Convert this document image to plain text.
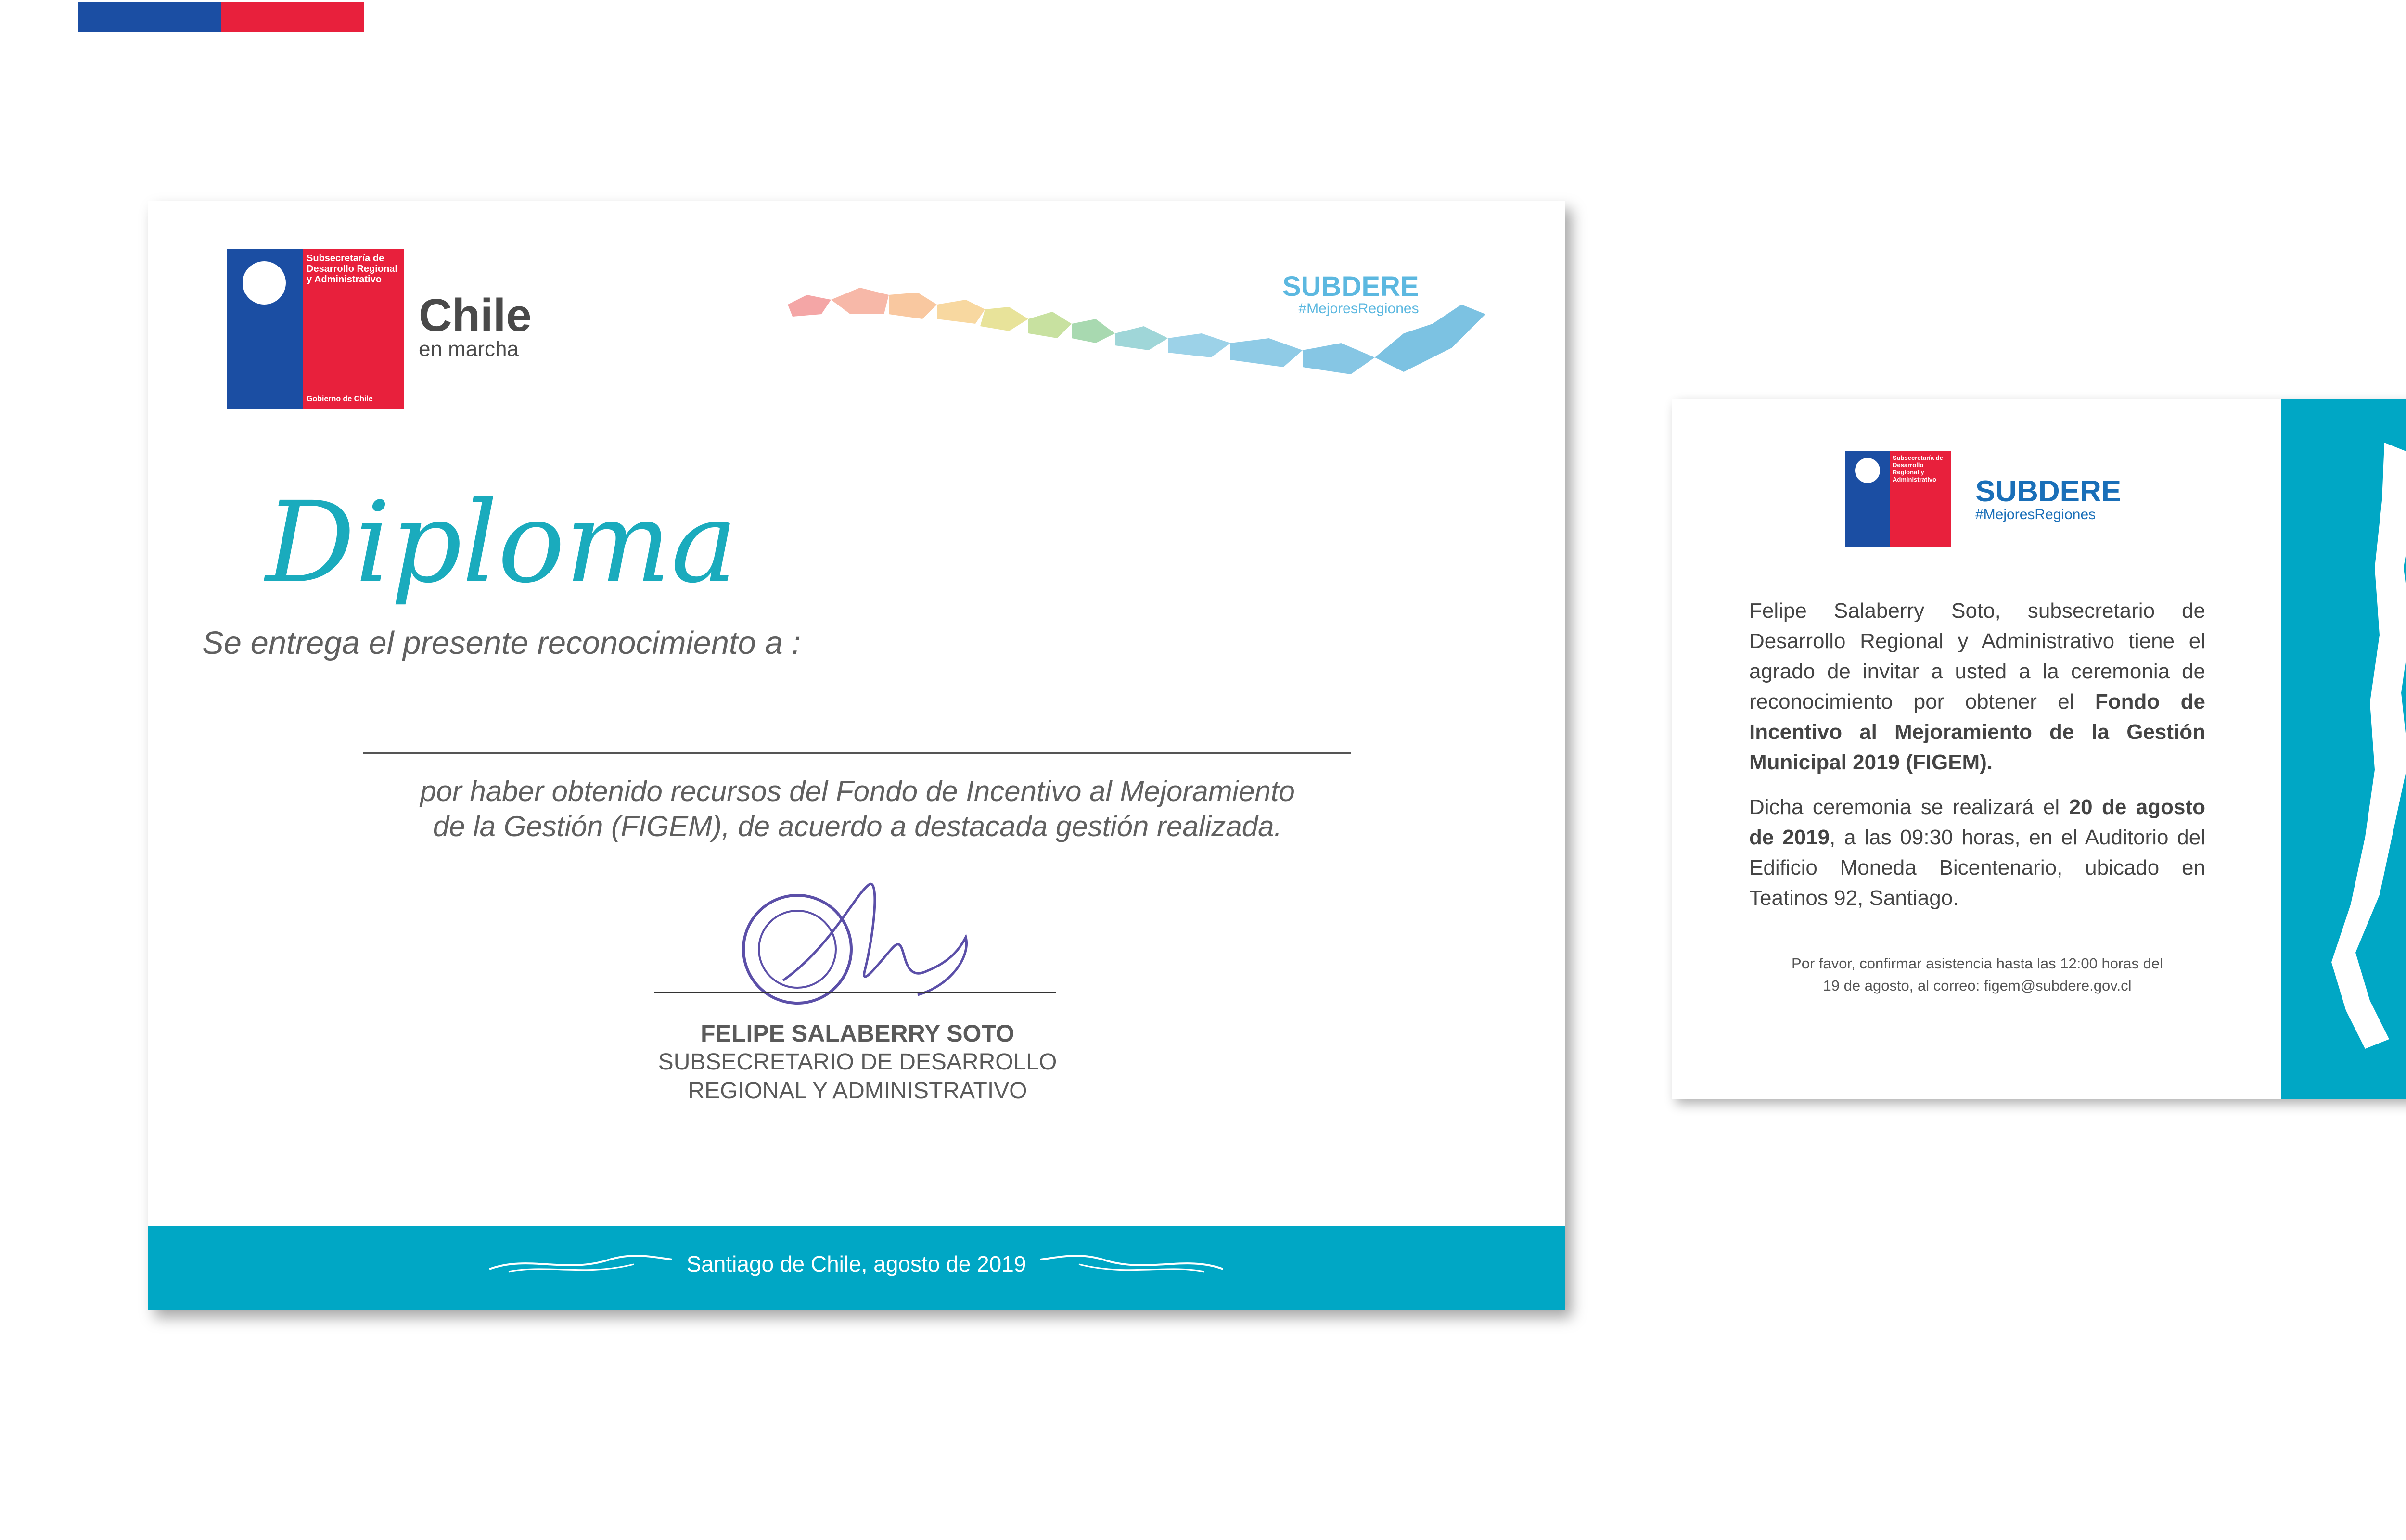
Subsecretaría de Desarrollo Regional y Administrativo
Gobierno de Chile
Chile
en marcha
SUBDERE
#MejoresRegiones
Diploma
Se entrega el presente reconocimiento a :
por haber obtenido recursos del Fondo de Incentivo al Mejoramiento
de la Gestión (FIGEM), de acuerdo a destacada gestión realizada.
FELIPE SALABERRY SOTO
SUBSECRETARIO DE DESARROLLO
REGIONAL Y ADMINISTRATIVO
Santiago de Chile, agosto de 2019
Subsecretaría de Desarrollo Regional y Administrativo	SUBDERE
#MejoresRegiones

Felipe Salaberry Soto, subsecretario de Desarrollo Regional y Administrativo tiene el agrado de invitar a usted a la ceremonia de reconocimiento por obtener el Fondo de Incentivo al Mejoramiento de la Gestión Municipal 2019 (FIGEM).

Dicha ceremonia se realizará el 20 de agosto de 2019, a las 09:30 horas, en el Auditorio del Edificio Moneda Bicentenario, ubicado en Teatinos 92, Santiago.

Por favor, confirmar asistencia hasta las 12:00 horas del
19 de agosto, al correo: figem@subdere.gov.cl
